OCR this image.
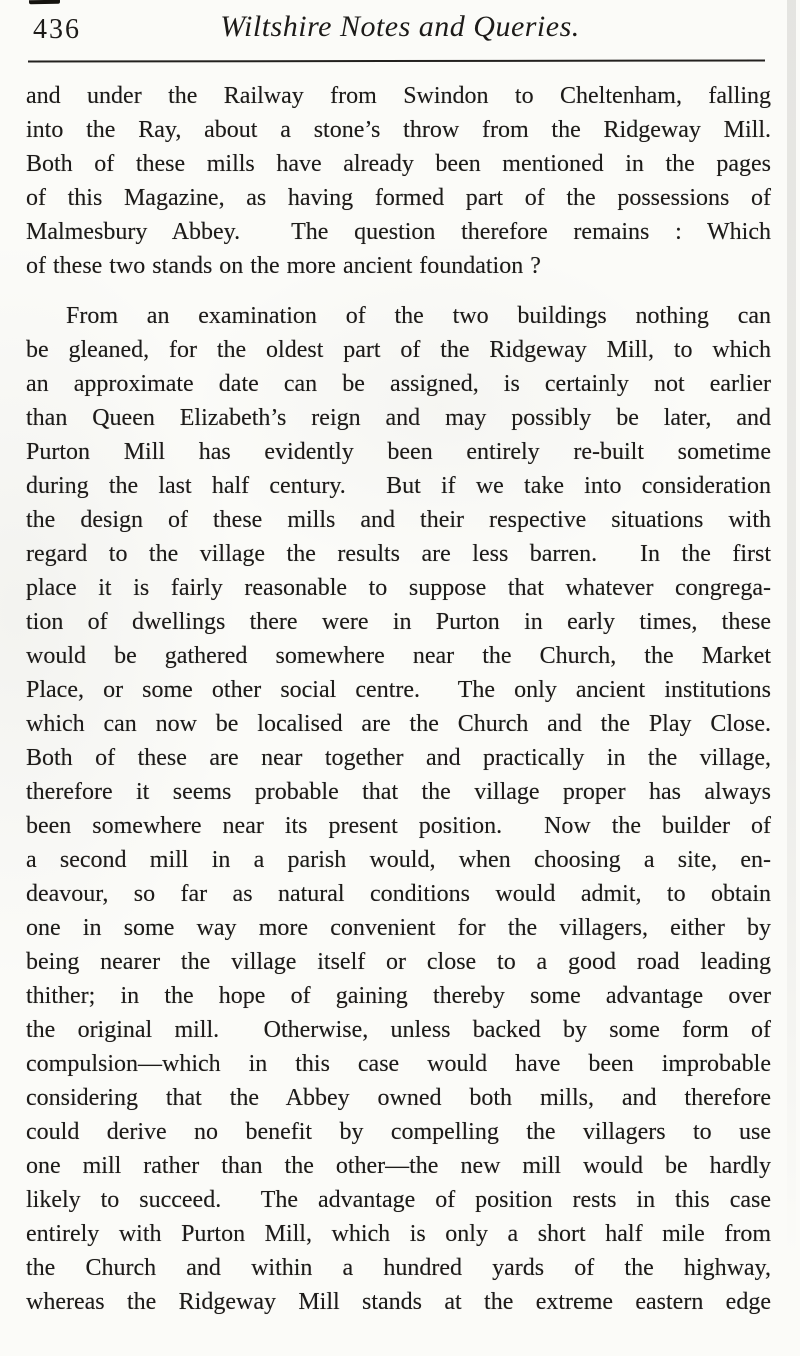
436	Wiltshire Notes and Queries.
and under the Railway from Swindon to Cheltenham, falling
into the Ray, about a stone’s throw from the Ridgeway Mill.
Both of these mills have already been mentioned in the pages
of this Magazine, as having formed part of the possessions of
Malmesbury Abbey.  The question therefore remains : Which
of these two stands on the more ancient foundation ?
From an examination of the two buildings nothing can
be gleaned, for the oldest part of the Ridgeway Mill, to which
an approximate date can be assigned, is certainly not earlier
than Queen Elizabeth’s reign and may possibly be later, and
Purton Mill has evidently been entirely re-built sometime
during the last half century.  But if we take into consideration
the design of these mills and their respective situations with
regard to the village the results are less barren.  In the first
place it is fairly reasonable to suppose that whatever congrega-
tion of dwellings there were in Purton in early times, these
would be gathered somewhere near the Church, the Market
Place, or some other social centre.  The only ancient institutions
which can now be localised are the Church and the Play Close.
Both of these are near together and practically in the village,
therefore it seems probable that the village proper has always
been somewhere near its present position.  Now the builder of
a second mill in a parish would, when choosing a site, en-
deavour, so far as natural conditions would admit, to obtain
one in some way more convenient for the villagers, either by
being nearer the village itself or close to a good road leading
thither; in the hope of gaining thereby some advantage over
the original mill.  Otherwise, unless backed by some form of
compulsion—which in this case would have been improbable
considering that the Abbey owned both mills, and therefore
could derive no benefit by compelling the villagers to use
one mill rather than the other—the new mill would be hardly
likely to succeed.  The advantage of position rests in this case
entirely with Purton Mill, which is only a short half mile from
the Church and within a hundred yards of the highway,
whereas the Ridgeway Mill stands at the extreme eastern edge
